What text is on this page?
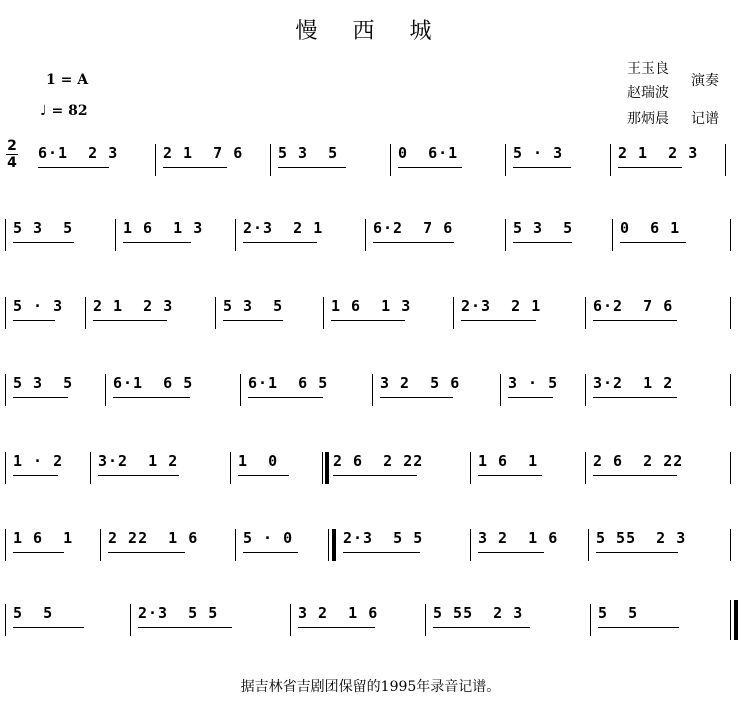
慢 西 城
1 = A
♩ = 82
王玉良
赵瑞波
演奏
那炳晨 记谱
2
4
6·1  2 3	2 1  7 6	5 3  5	0  6·1	5 · 3	2 1  2 3
5 3  5	1 6  1 3	2·3  2 1	6·2  7 6	5 3  5	0  6 1
5 · 3	2 1  2 3	5 3  5	1 6  1 3	2·3  2 1	6·2  7 6
5 3  5	6·1  6 5	6·1  6 5	3 2  5 6	3 · 5	3·2  1 2
1 · 2	3·2  1 2	1  0	2 6  2 22	1 6  1	2 6  2 22
1 6  1	2 22  1 6	5 · 0	2·3  5 5	3 2  1 6	5 55  2 3
5  5	2·3  5 5	3 2  1 6	5 55  2 3	5  5
据吉林省吉剧团保留的1995年录音记谱。
